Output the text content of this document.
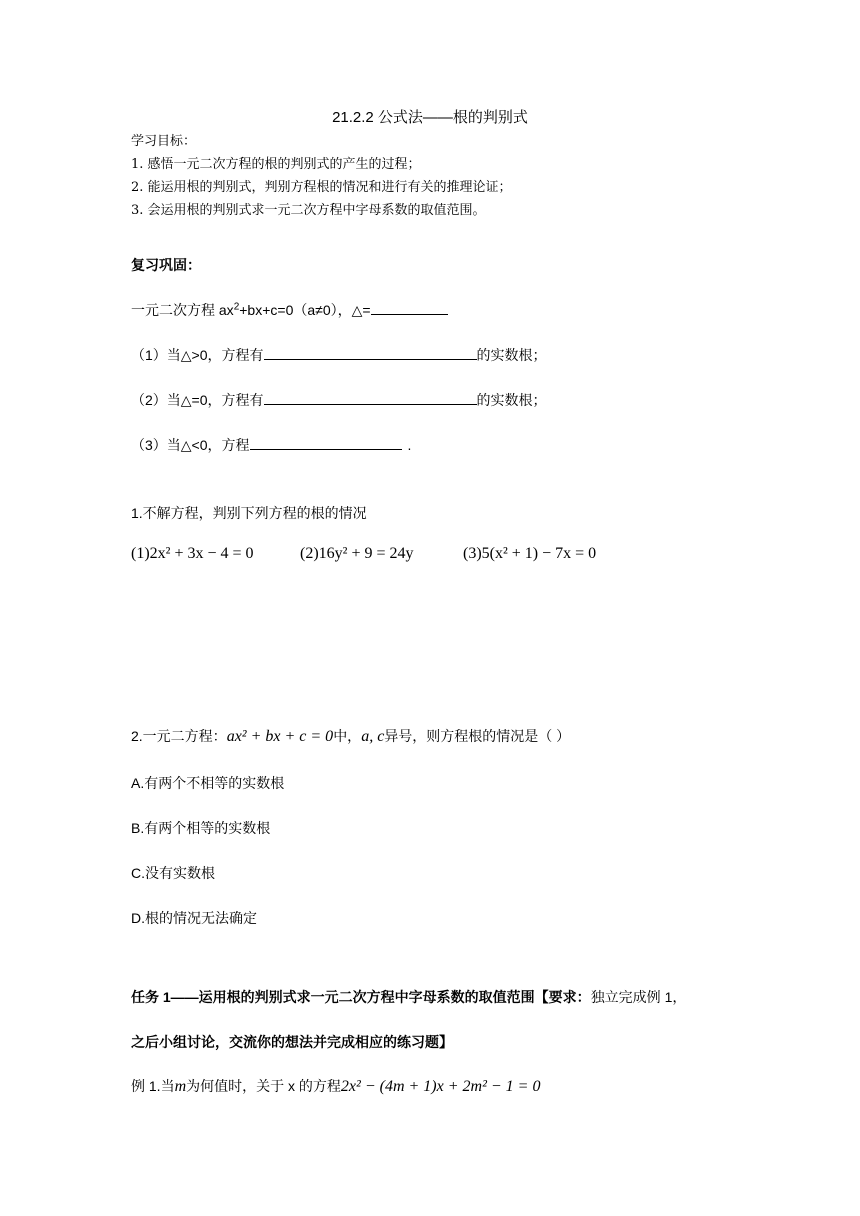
21.2.2 公式法——根的判别式
学习目标：
1. 感悟一元二次方程的根的判别式的产生的过程；
2. 能运用根的判别式，判别方程根的情况和进行有关的推理论证；
3. 会运用根的判别式求一元二次方程中字母系数的取值范围。
复习巩固：
一元二次方程 $ax^2+bx+c=0(a\ne 0)$，△=
（1）当△>0，方程有	的实数根；
（2）当△=0，方程有	的实数根；
（3）当△<0，方程	.
1.不解方程，判别下列方程的根的情况
(1)2x² + 3x − 4 = 0	(2)16y² + 9 = 24y	(3)5(x² + 1) − 7x = 0
2.一元二方程：ax² + bx + c = 0中，a, c异号，则方程根的情况是（ ）
A.有两个不相等的实数根
B.有两个相等的实数根
C.没有实数根
D.根的情况无法确定
任务 1——运用根的判别式求一元二次方程中字母系数的取值范围【要求：独立完成例 1，
之后小组讨论，交流你的想法并完成相应的练习题】
例 1.当m为何值时，关于 x 的方程2x² − (4m + 1)x + 2m² − 1 = 0
